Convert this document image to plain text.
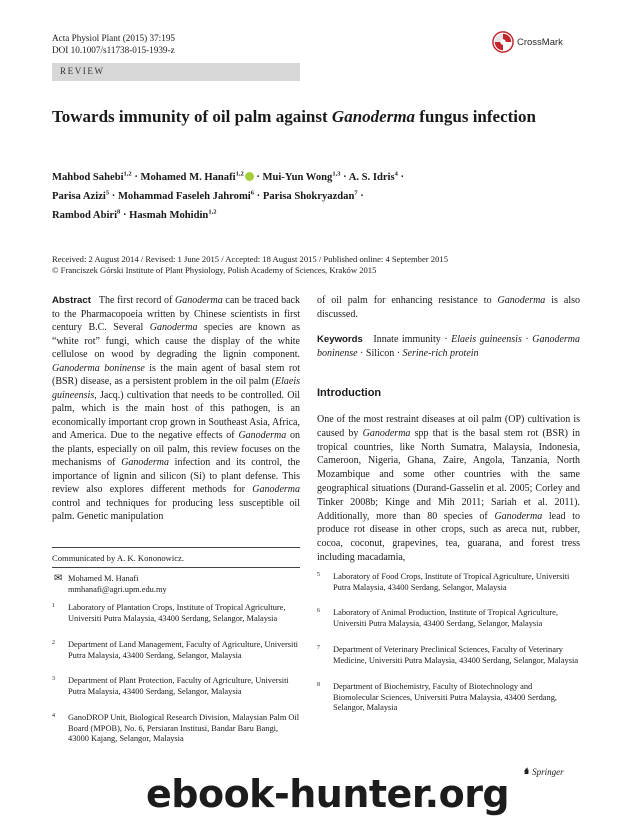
Acta Physiol Plant (2015) 37:195
DOI 10.1007/s11738-015-1939-z
CrossMark
REVIEW
Towards immunity of oil palm against Ganoderma fungus infection
Mahbod Sahebi$^{1,2}$ · Mohamed M. Hanafi$^{1,2}$ · Mui-Yun Wong$^{1,3}$ · A. S. Idris$^4$ ·
Parisa Azizi$^5$ · Mohammad Faseleh Jahromi$^6$ · Parisa Shokryazdan$^7$ ·
Rambod Abiri$^8$ · Hasmah Mohidin$^{1,2}$
Received: 2 August 2014 / Revised: 1 June 2015 / Accepted: 18 August 2015 / Published online: 4 September 2015
© Franciszek Górski Institute of Plant Physiology, Polish Academy of Sciences, Kraków 2015

Abstract The first record of Ganoderma can be traced back to the Pharmacopoeia written by Chinese scientists in first century B.C. Several Ganoderma species are known as “white rot” fungi, which cause the display of the white cellulose on wood by degrading the lignin component. Ganoderma boninense is the main agent of basal stem rot (BSR) disease, as a persistent problem in the oil palm (Elaeis guineensis, Jacq.) cultivation that needs to be controlled. Oil palm, which is the main host of this pathogen, is an economically important crop grown in Southeast Asia, Africa, and America. Due to the negative effects of Ganoderma on the plants, especially on oil palm, this review focuses on the mechanisms of Ganoderma infection and its control, the importance of lignin and silicon (Si) to plant defense. This review also explores different methods for Ganoderma control and techniques for producing less susceptible oil palm. Genetic manipulation

of oil palm for enhancing resistance to Ganoderma is also discussed.

Keywords Innate immunity · Elaeis guineensis · Ganoderma boninense · Silicon · Serine-rich protein

Introduction

One of the most restraint diseases at oil palm (OP) cultivation is caused by Ganoderma spp that is the basal stem rot (BSR) in tropical countries, like North Sumatra, Malaysia, Indonesia, Cameroon, Nigeria, Ghana, Zaire, Angola, Tanzania, North Mozambique and some other countries with the same geographical situations (Durand-Gasselin et al. 2005; Corley and Tinker 2008b; Kinge and Mih 2011; Sariah et al. 2011). Additionally, more than 80 species of Ganoderma lead to produce rot disease in other crops, such as areca nut, rubber, cocoa, coconut, grapevines, tea, guarana, and forest tress including macadamia,

Communicated by A. K. Kononowicz.
✉ Mohamed M. Hanafi
mmhanafi@agri.upm.edu.my
1	Laboratory of Plantation Crops, Institute of Tropical Agriculture, Universiti Putra Malaysia, 43400 Serdang, Selangor, Malaysia
2	Department of Land Management, Faculty of Agriculture, Universiti Putra Malaysia, 43400 Serdang, Selangor, Malaysia
3	Department of Plant Protection, Faculty of Agriculture, Universiti Putra Malaysia, 43400 Serdang, Selangor, Malaysia
4	GanoDROP Unit, Biological Research Division, Malaysian Palm Oil Board (MPOB), No. 6, Persiaran Institusi, Bandar Baru Bangi, 43000 Kajang, Selangor, Malaysia
5	Laboratory of Food Crops, Institute of Tropical Agriculture, Universiti Putra Malaysia, 43400 Serdang, Selangor, Malaysia
6	Laboratory of Animal Production, Institute of Tropical Agriculture, Universiti Putra Malaysia, 43400 Serdang, Selangor, Malaysia
7	Department of Veterinary Preclinical Sciences, Faculty of Veterinary Medicine, Universiti Putra Malaysia, 43400 Serdang, Selangor, Malaysia
8	Department of Biochemistry, Faculty of Biotechnology and Biomolecular Sciences, Universiti Putra Malaysia, 43400 Serdang, Selangor, Malaysia
♞ Springer
ebook-hunter.org
